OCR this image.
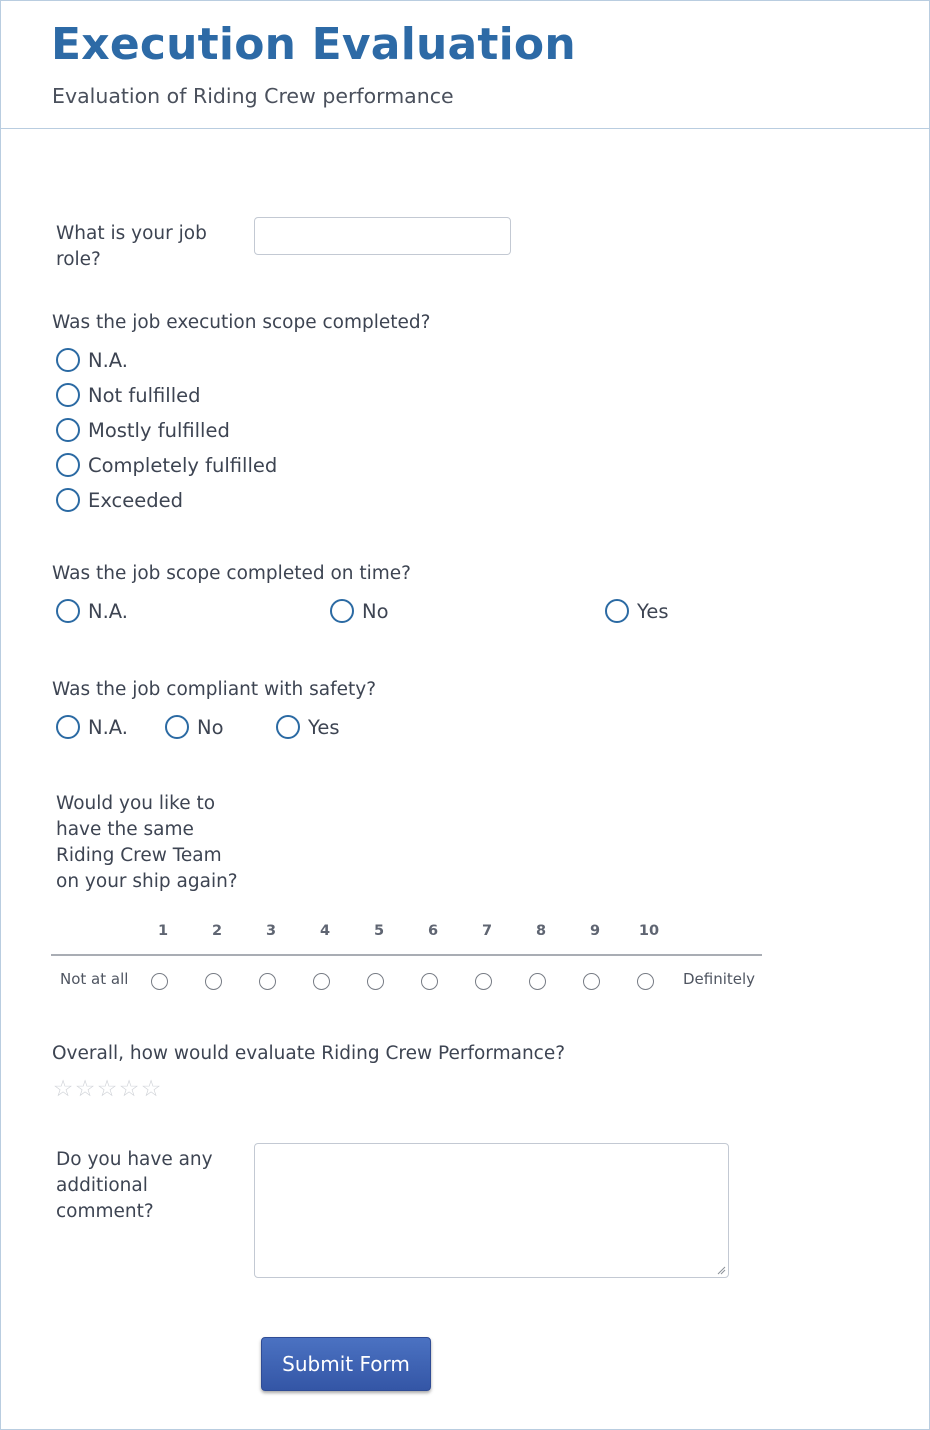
Execution Evaluation
Evaluation of Riding Crew performance
What is your job
role?
Was the job execution scope completed?
N.A.
Not fulfilled
Mostly fulfilled
Completely fulfilled
Exceeded
Was the job scope completed on time?
N.A.	No	Yes
Was the job compliant with safety?
N.A.	No	Yes
Would you like to
have the same
Riding Crew Team
on your ship again?
1	2	3	4	5	6	7	8	9	10
Not at all	Definitely
Overall, how would evaluate Riding Crew Performance?
☆ ☆ ☆ ☆ ☆
Do you have any
additional
comment?
Submit Form
